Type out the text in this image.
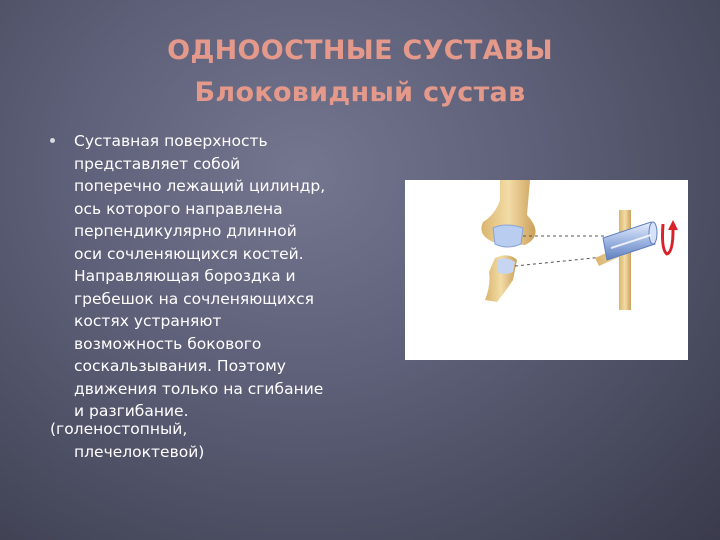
ОДНООСТНЫЕ СУСТАВЫ
Блоковидный сустав
Суставная поверхность
представляет собой
поперечно лежащий цилиндр,
ось которого направлена
перпендикулярно длинной
оси сочленяющихся костей.
Направляющая бороздка и
гребешок на сочленяющихся
костях устраняют
возможность бокового
соскальзывания. Поэтому
движения только на сгибание
и разгибание.
(голеностопный,
плечелоктевой)
